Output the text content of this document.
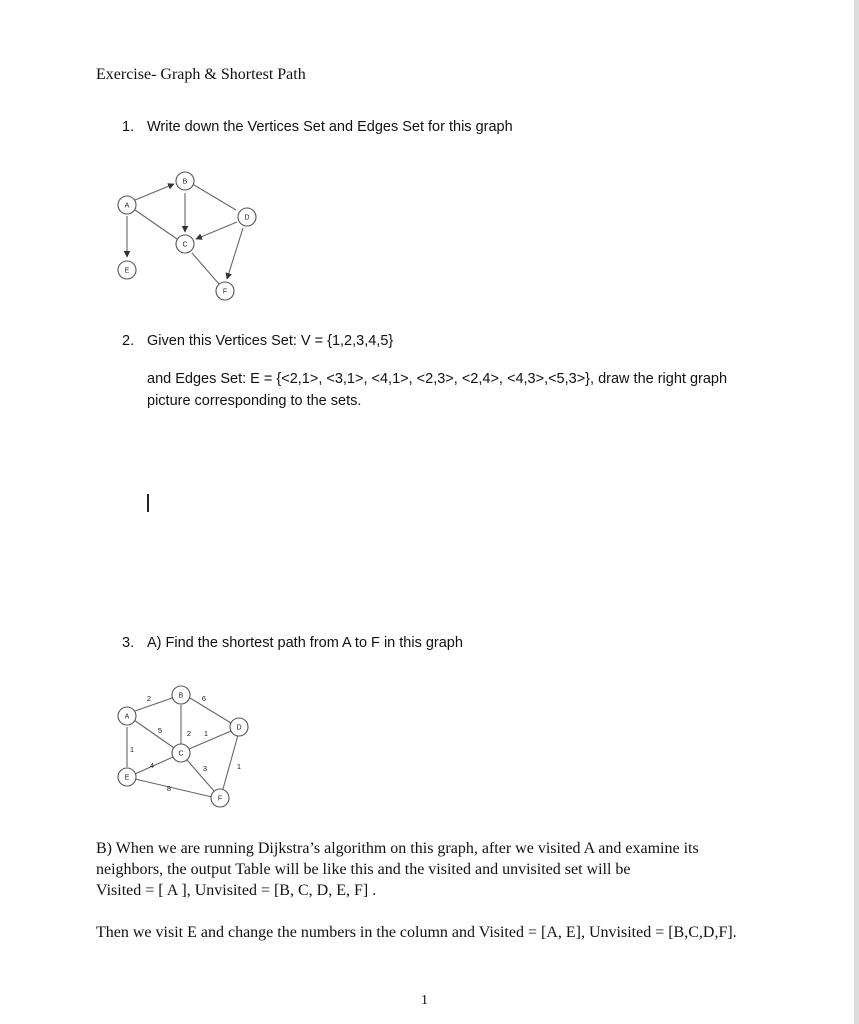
Exercise- Graph & Shortest Path
1. Write down the Vertices Set and Edges Set for this graph
A
B
C
D
E
F
2. Given this Vertices Set: V = {1,2,3,4,5}
and Edges Set: E = {<2,1>, <3,1>, <4,1>, <2,3>, <2,4>, <4,3>,<5,3>}, draw the right graph picture corresponding to the sets.
3. A) Find the shortest path from A to F in this graph
A
B
C
D
E
F
2	6
5	2 1
1
4	3	1
8
B) When we are running Dijkstra’s algorithm on this graph, after we visited A and examine its neighbors, the output Table will be like this and the visited and unvisited set will be
Visited = [ A ], Unvisited = [B, C, D, E, F] .
Then we visit E and change the numbers in the column and Visited = [A, E], Unvisited = [B,C,D,F].
1
